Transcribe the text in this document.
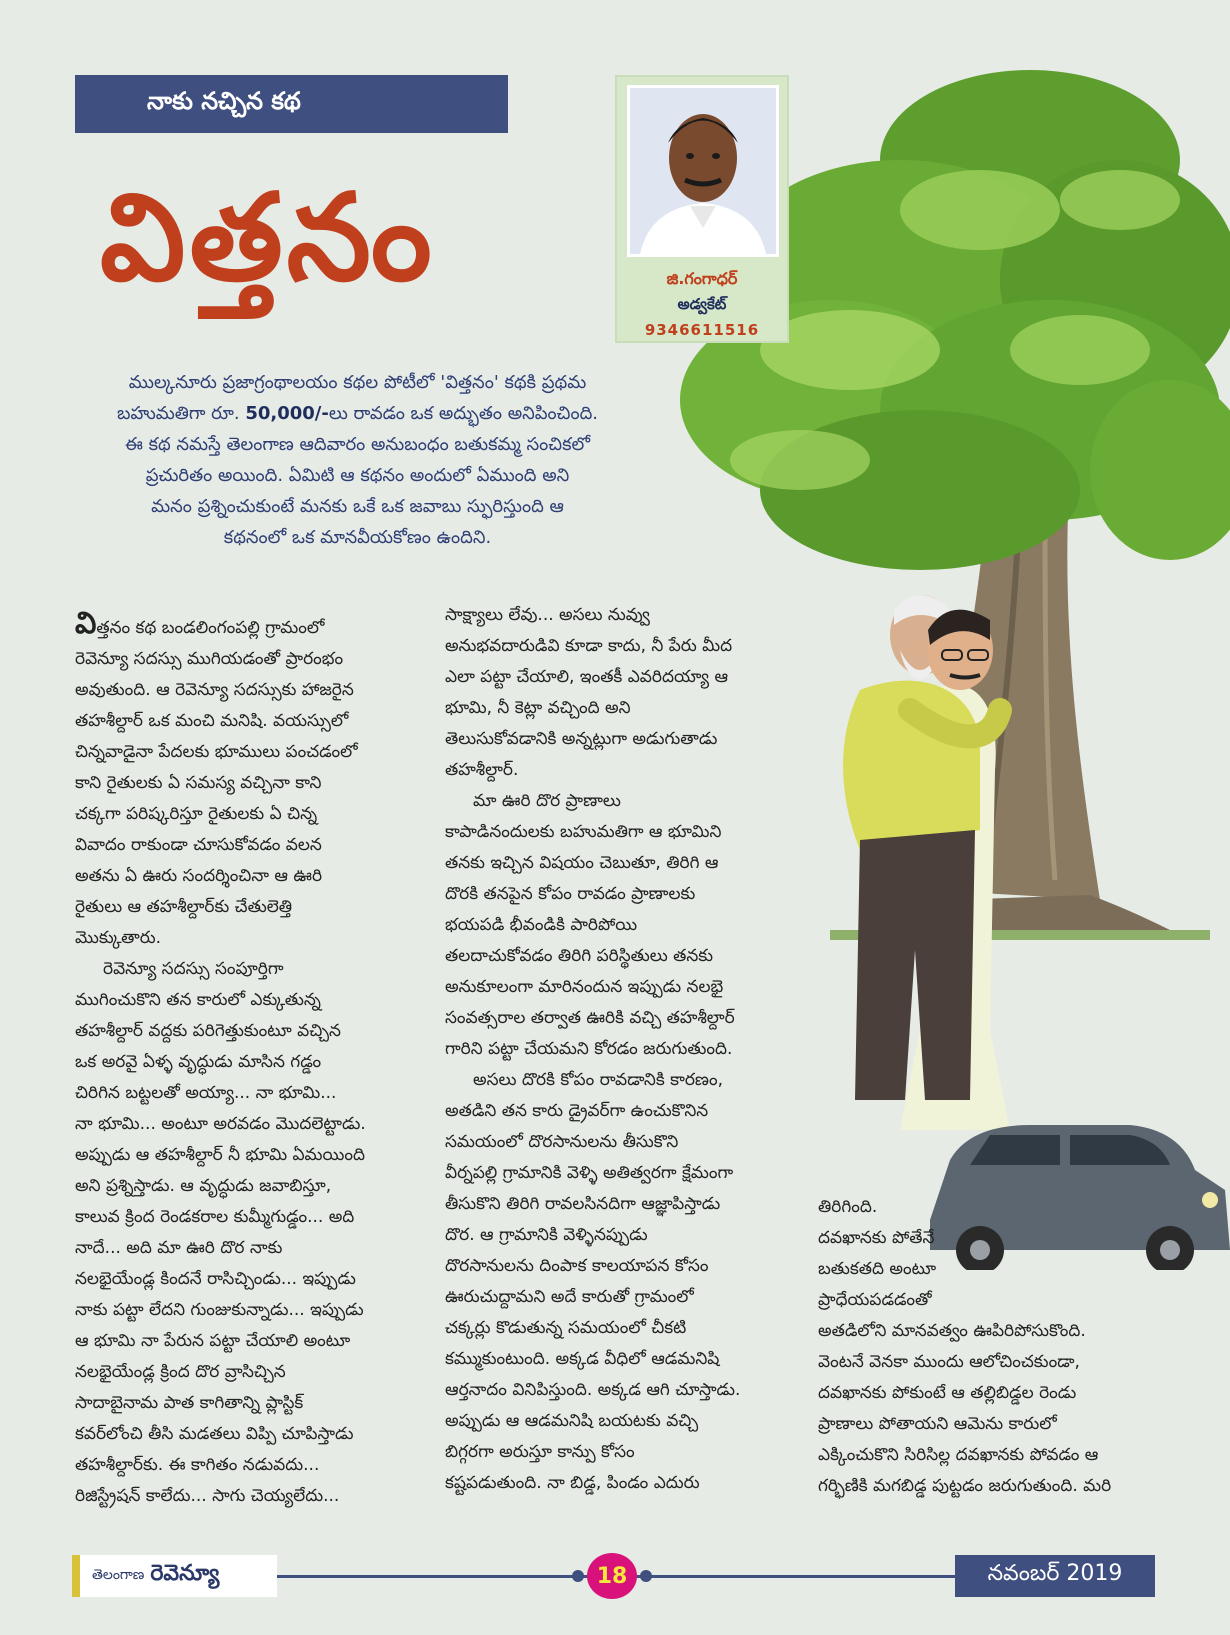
నాకు నచ్చిన కథ
విత్తనం	జి.గంగాధర్
అడ్వకేట్
9346611516
ముల్కనూరు ప్రజాగ్రంథాలయం కథల పోటీలో 'విత్తనం' కథకి ప్రథమ
బహుమతిగా రూ. 50,000/-లు రావడం ఒక అద్భుతం అనిపించింది.
ఈ కథ నమస్తే తెలంగాణ ఆదివారం అనుబంధం బతుకమ్మ సంచికలో
ప్రచురితం అయింది. ఏమిటి ఆ కథనం అందులో ఏముంది అని
మనం ప్రశ్నించుకుంటే మనకు ఒకే ఒక జవాబు స్ఫురిస్తుంది ఆ
కథనంలో ఒక మానవీయకోణం ఉందిని.

విత్తనం కథ బండలింగంపల్లి గ్రామంలో

రెవెన్యూ సదస్సు ముగియడంతో ప్రారంభం

అవుతుంది. ఆ రెవెన్యూ సదస్సుకు హాజరైన

తహశీల్దార్ ఒక మంచి మనిషి. వయస్సులో

చిన్నవాడైనా పేదలకు భూములు పంచడంలో

కాని రైతులకు ఏ సమస్య వచ్చినా కాని

చక్కగా పరిష్కరిస్తూ రైతులకు ఏ చిన్న

వివాదం రాకుండా చూసుకోవడం వలన

అతను ఏ ఊరు సందర్శించినా ఆ ఊరి

రైతులు ఆ తహశీల్దార్‌కు చేతులెత్తి

మొక్కుతారు.

రెవెన్యూ సదస్సు సంపూర్తిగా

ముగించుకొని తన కారులో ఎక్కుతున్న

తహశీల్దార్ వద్దకు పరిగెత్తుకుంటూ వచ్చిన

ఒక అరవై ఏళ్ళ వృద్ధుడు మాసిన గడ్డం

చిరిగిన బట్టలతో అయ్యా... నా భూమి...

నా భూమి... అంటూ అరవడం మొదలెట్టాడు.

అప్పుడు ఆ తహశీల్దార్ నీ భూమి ఏమయింది

అని ప్రశ్నిస్తాడు. ఆ వృద్ధుడు జవాబిస్తూ,

కాలువ క్రింద రెండకరాల కుమ్మీగుడ్డం... అది

నాదే... అది మా ఊరి దొర నాకు

నలభైయేండ్ల కిందనే రాసిచ్చిండు... ఇప్పుడు

నాకు పట్టా లేదని గుంజుకున్నాడు... ఇప్పుడు

ఆ భూమి నా పేరున పట్టా చేయాలి అంటూ

నలభైయేండ్ల క్రింద దొర వ్రాసిచ్చిన

సాదాబైనామ పాత కాగితాన్ని ప్లాస్టిక్

కవర్‌లోంచి తీసి మడతలు విప్పి చూపిస్తాడు

తహశీల్దార్‌కు. ఈ కాగితం నడువదు...

రిజిస్ట్రేషన్ కాలేదు... సాగు చెయ్యలేదు...

సాక్ష్యాలు లేవు... అసలు నువ్వు

అనుభవదారుడివి కూడా కాదు, నీ పేరు మీద

ఎలా పట్టా చేయాలి, ఇంతకీ ఎవరిదయ్యా ఆ

భూమి, నీ కెట్లా వచ్చింది అని

తెలుసుకోవడానికి అన్నట్లుగా అడుగుతాడు

తహశీల్దార్.

మా ఊరి దొర ప్రాణాలు

కాపాడినందులకు బహుమతిగా ఆ భూమిని

తనకు ఇచ్చిన విషయం చెబుతూ, తిరిగి ఆ

దొరకి తనపైన కోపం రావడం ప్రాణాలకు

భయపడి భీవండికి పారిపోయి

తలదాచుకోవడం తిరిగి పరిస్థితులు తనకు

అనుకూలంగా మారినందున ఇప్పుడు నలభై

సంవత్సరాల తర్వాత ఊరికి వచ్చి తహశీల్దార్

గారిని పట్టా చేయమని కోరడం జరుగుతుంది.

అసలు దొరకి కోపం రావడానికి కారణం,

అతడిని తన కారు డ్రైవర్‌గా ఉంచుకొనిన

సమయంలో దొరసానులను తీసుకొని

వీర్నపల్లి గ్రామానికి వెళ్ళి అతిత్వరగా క్షేమంగా

తీసుకొని తిరిగి రావలసినదిగా ఆజ్ఞాపిస్తాడు

దొర. ఆ గ్రామానికి వెళ్ళినప్పుడు

దొరసానులను దింపాక కాలయాపన కోసం

ఊరుచుద్దామని అదే కారుతో గ్రామంలో

చక్కర్లు కొడుతున్న సమయంలో చీకటి

కమ్ముకుంటుంది. అక్కడ వీధిలో ఆడమనిషి

ఆర్తనాదం వినిపిస్తుంది. అక్కడ ఆగి చూస్తాడు.

అప్పుడు ఆ ఆడమనిషి బయటకు వచ్చి

బిగ్గరగా అరుస్తూ కాన్పు కోసం

కష్టపడుతుంది. నా బిడ్డ, పిండం ఎదురు

తిరిగింది.

దవఖానకు పోతేనే

బతుకతది అంటూ

ప్రాధేయపడడంతో

అతడిలోని మానవత్వం ఊపిరిపోసుకొంది.

వెంటనే వెనకా ముందు ఆలోచించకుండా,

దవఖానకు పోకుంటే ఆ తల్లిబిడ్డల రెండు

ప్రాణాలు పోతాయని ఆమెను కారులో

ఎక్కించుకొని సిరిసిల్ల దవఖానకు పోవడం ఆ

గర్భిణికి మగబిడ్డ పుట్టడం జరుగుతుంది. మరి

తెలంగాణ రెవెన్యూ	18	నవంబర్ 2019
